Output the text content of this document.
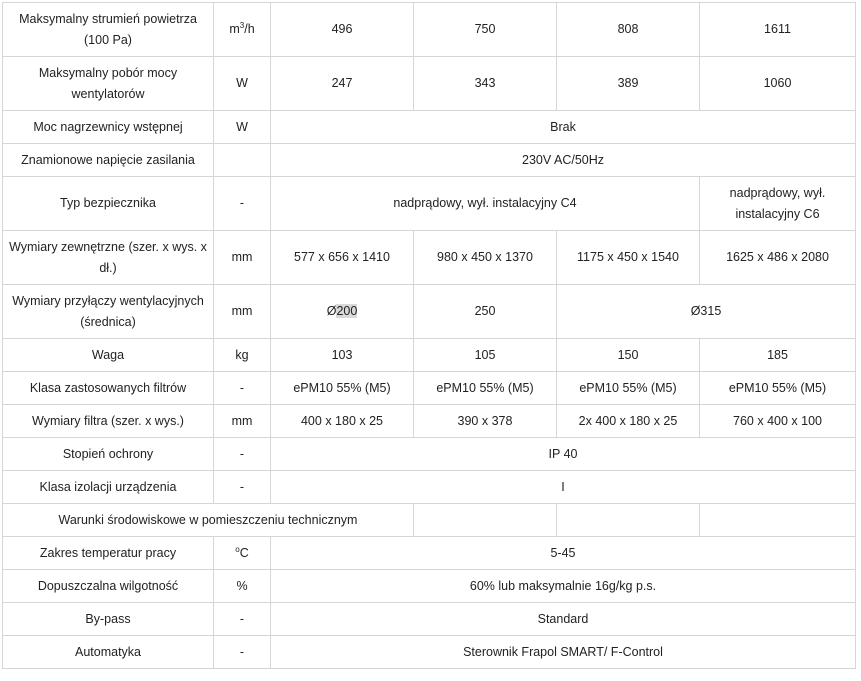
Maksymalny strumień powietrza (100 Pa)	$m^3/h$	496	750	808	1611
Maksymalny pobór mocy wentylatorów	W	247	343	389	1060
Moc nagrzewnicy wstępnej	W	Brak			
Znamionowe napięcie zasilania		230V AC/50Hz			
Typ bezpiecznika	-	nadprądowy, wył. instalacyjny C4			nadprądowy, wył. instalacyjny C6
Wymiary zewnętrzne (szer. x wys. x dł.)	mm	577 x 656 x 1410	980 x 450 x 1370	1175 x 450 x 1540	1625 x 486 x 2080
Wymiary przyłączy wentylacyjnych (średnica)	mm	Ø200	250	Ø315	
Waga	kg	103	105	150	185
Klasa zastosowanych filtrów	-	ePM10 55% (M5)	ePM10 55% (M5)	ePM10 55% (M5)	ePM10 55% (M5)
Wymiary filtra (szer. x wys.)	mm	400 x 180 x 25	390 x 378	2x 400 x 180 x 25	760 x 400 x 100
Stopień ochrony	-	IP 40			
Klasa izolacji urządzenia	-	I			
Warunki środowiskowe w pomieszczeniu technicznym					
Zakres temperatur pracy	$^o$C	5-45			
Dopuszczalna wilgotność	%	60% lub maksymalnie 16g/kg p.s.			
By-pass	-	Standard			
Automatyka	-	Sterownik Frapol SMART/ F-Control			
